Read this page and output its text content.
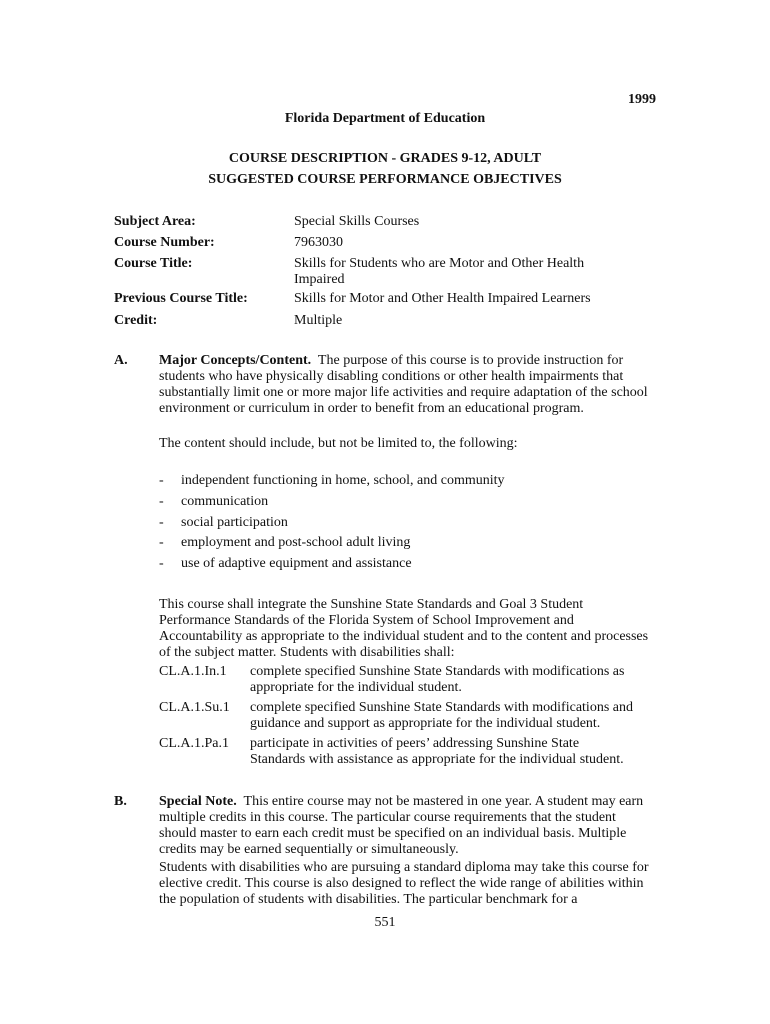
1999
Florida Department of Education
COURSE DESCRIPTION - GRADES 9-12, ADULT
SUGGESTED COURSE PERFORMANCE OBJECTIVES
Subject Area:	Special Skills Courses
Course Number:	7963030
Course Title:	Skills for Students who are Motor and Other Health Impaired
Previous Course Title:	Skills for Motor and Other Health Impaired Learners
Credit:	Multiple
A. Major Concepts/Content. The purpose of this course is to provide instruction for students who have physically disabling conditions or other health impairments that substantially limit one or more major life activities and require adaptation of the school environment or curriculum in order to benefit from an educational program.
The content should include, but not be limited to, the following:
- independent functioning in home, school, and community
- communication
- social participation
- employment and post-school adult living
- use of adaptive equipment and assistance
This course shall integrate the Sunshine State Standards and Goal 3 Student Performance Standards of the Florida System of School Improvement and Accountability as appropriate to the individual student and to the content and processes of the subject matter. Students with disabilities shall:
CL.A.1.In.1 complete specified Sunshine State Standards with modifications as appropriate for the individual student.
CL.A.1.Su.1 complete specified Sunshine State Standards with modifications and guidance and support as appropriate for the individual student.
CL.A.1.Pa.1 participate in activities of peers’ addressing Sunshine State Standards with assistance as appropriate for the individual student.
B. Special Note. This entire course may not be mastered in one year. A student may earn multiple credits in this course. The particular course requirements that the student should master to earn each credit must be specified on an individual basis. Multiple credits may be earned sequentially or simultaneously.
Students with disabilities who are pursuing a standard diploma may take this course for elective credit. This course is also designed to reflect the wide range of abilities within the population of students with disabilities. The particular benchmark for a
551
